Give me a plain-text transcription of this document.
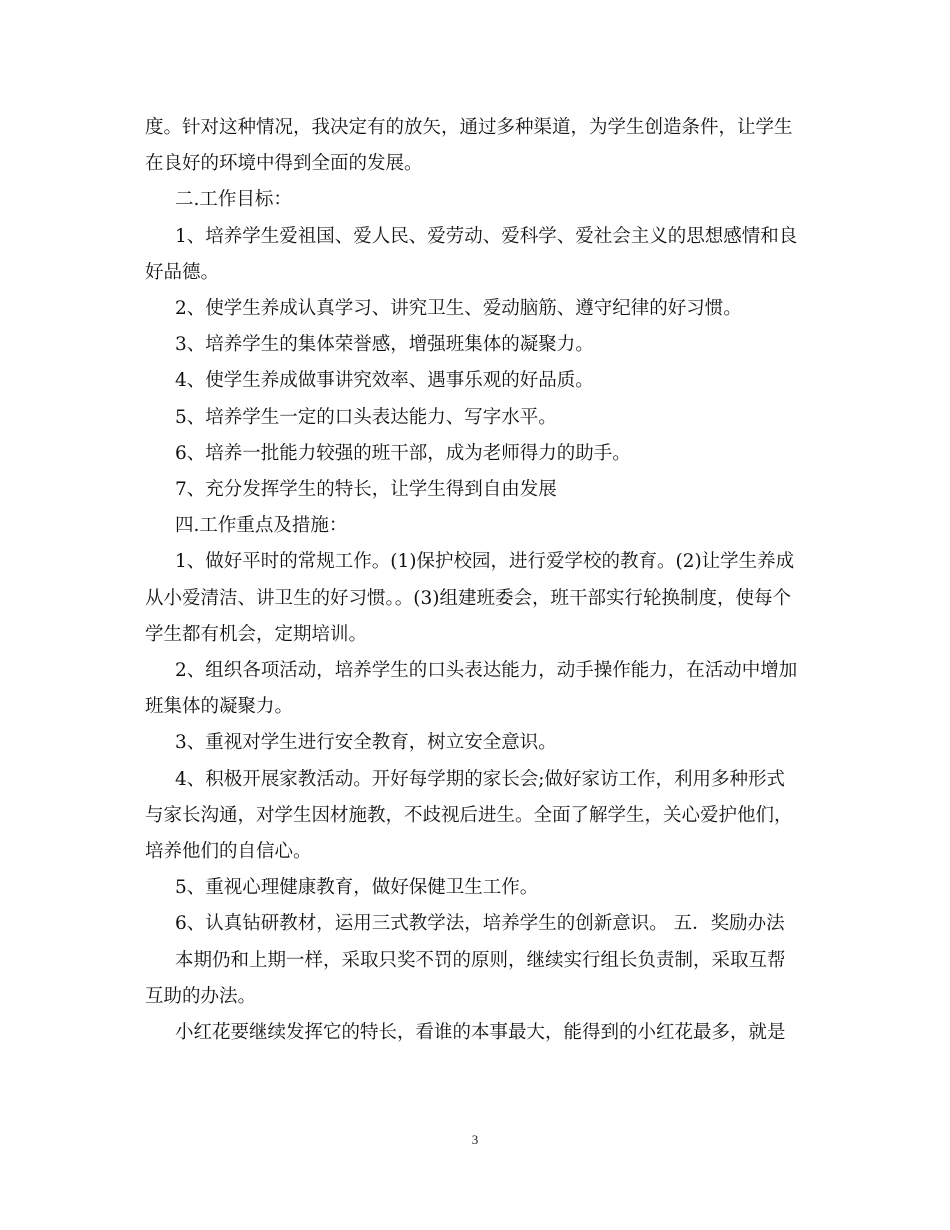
度。针对这种情况，我决定有的放矢，通过多种渠道，为学生创造条件，让学生

在良好的环境中得到全面的发展。

二.工作目标：

1、培养学生爱祖国、爱人民、爱劳动、爱科学、爱社会主义的思想感情和良

好品德。

2、使学生养成认真学习、讲究卫生、爱动脑筋、遵守纪律的好习惯。

3、培养学生的集体荣誉感，增强班集体的凝聚力。

4、使学生养成做事讲究效率、遇事乐观的好品质。

5、培养学生一定的口头表达能力、写字水平。

6、培养一批能力较强的班干部，成为老师得力的助手。

7、充分发挥学生的特长，让学生得到自由发展

四.工作重点及措施：

1、做好平时的常规工作。(1)保护校园，进行爱学校的教育。(2)让学生养成

从小爱清洁、讲卫生的好习惯。。(3)组建班委会，班干部实行轮换制度，使每个

学生都有机会，定期培训。

2、组织各项活动，培养学生的口头表达能力，动手操作能力，在活动中增加

班集体的凝聚力。

3、重视对学生进行安全教育，树立安全意识。

4、积极开展家教活动。开好每学期的家长会;做好家访工作，利用多种形式

与家长沟通，对学生因材施教，不歧视后进生。全面了解学生，关心爱护他们，

培养他们的自信心。

5、重视心理健康教育，做好保健卫生工作。

6、认真钻研教材，运用三式教学法，培养学生的创新意识。 五．奖励办法

本期仍和上期一样，采取只奖不罚的原则，继续实行组长负责制，采取互帮

互助的办法。

小红花要继续发挥它的特长，看谁的本事最大，能得到的小红花最多，就是

3
